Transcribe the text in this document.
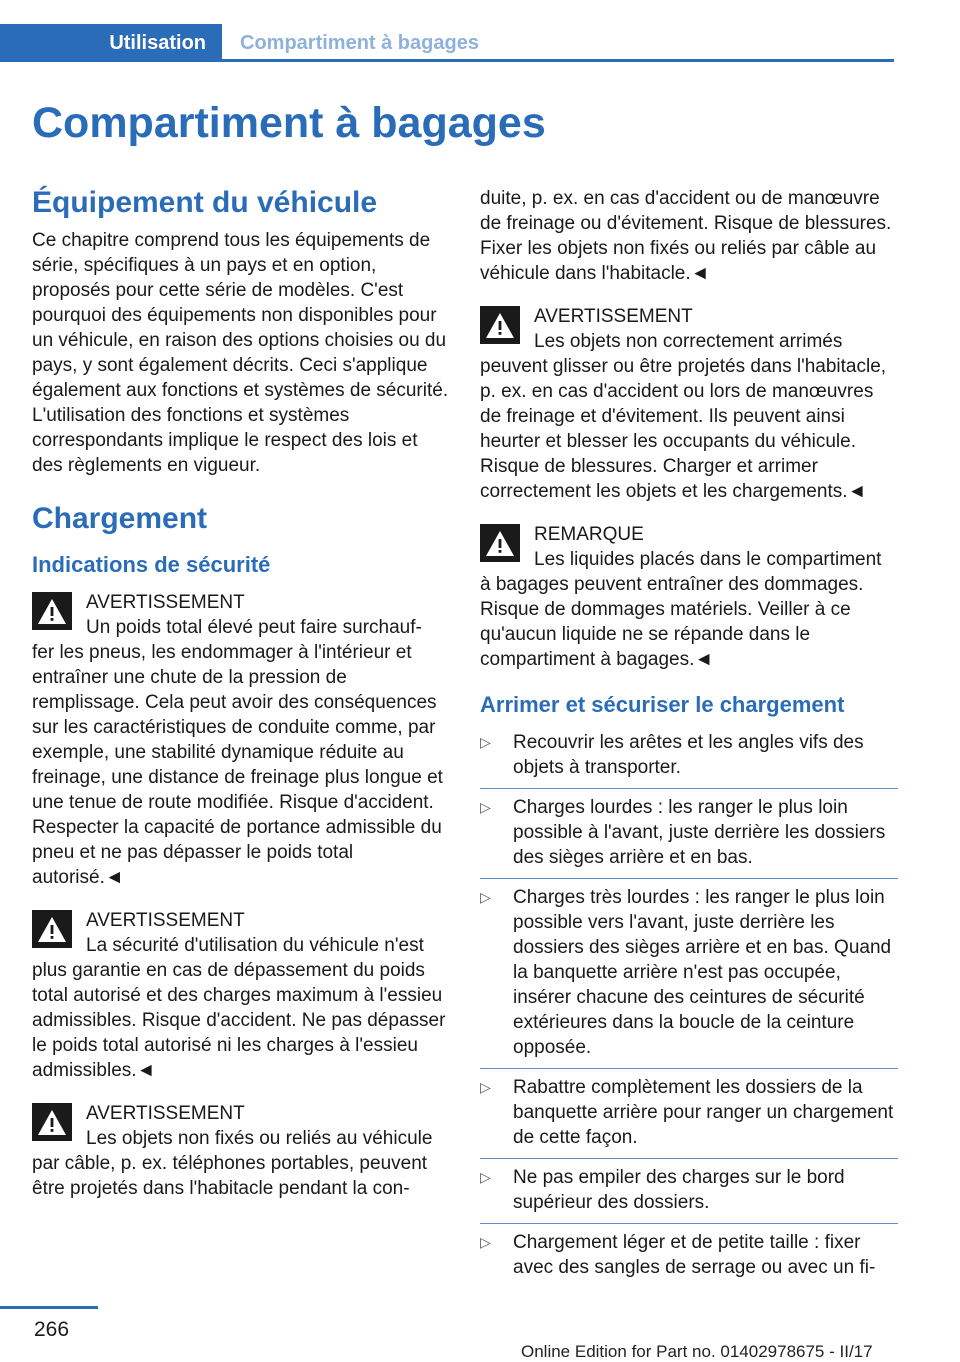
Utilisation	Compartiment à bagages
Compartiment à bagages
Équipement du véhicule

Ce chapitre comprend tous les équipements de série, spécifiques à un pays et en option, proposés pour cette série de modèles. C'est pourquoi des équipements non disponibles pour un véhicule, en raison des options choisies ou du pays, y sont également décrits. Ceci s'applique également aux fonctions et systèmes de sécurité. L'utilisation des fonctions et systèmes correspondants implique le respect des lois et des règlements en vigueur.

Chargement
Indications de sécurité
AVERTISSEMENT
Un poids total élevé peut faire surchauf-

fer les pneus, les endommager à l'intérieur et entraîner une chute de la pression de remplissage. Cela peut avoir des conséquences sur les caractéristiques de conduite comme, par exemple, une stabilité dynamique réduite au freinage, une distance de freinage plus longue et une tenue de route modifiée. Risque d'accident. Respecter la capacité de portance admissible du pneu et ne pas dépasser le poids total autorisé.◄

AVERTISSEMENT
La sécurité d'utilisation du véhicule n'est

plus garantie en cas de dépassement du poids total autorisé et des charges maximum à l'essieu admissibles. Risque d'accident. Ne pas dépasser le poids total autorisé ni les charges à l'essieu admissibles.◄

AVERTISSEMENT
Les objets non fixés ou reliés au véhicule

par câble, p. ex. téléphones portables, peuvent être projetés dans l'habitacle pendant la con-

duite, p. ex. en cas d'accident ou de manœuvre de freinage ou d'évitement. Risque de blessures. Fixer les objets non fixés ou reliés par câble au véhicule dans l'habitacle.◄

AVERTISSEMENT
Les objets non correctement arrimés

peuvent glisser ou être projetés dans l'habitacle, p. ex. en cas d'accident ou lors de manœuvres de freinage et d'évitement. Ils peuvent ainsi heurter et blesser les occupants du véhicule. Risque de blessures. Charger et arrimer correctement les objets et les chargements.◄

REMARQUE
Les liquides placés dans le compartiment

à bagages peuvent entraîner des dommages. Risque de dommages matériels. Veiller à ce qu'aucun liquide ne se répande dans le compartiment à bagages.◄

Arrimer et sécuriser le chargement
▷ Recouvrir les arêtes et les angles vifs des objets à transporter.
▷ Charges lourdes : les ranger le plus loin possible à l'avant, juste derrière les dossiers des sièges arrière et en bas.
▷ Charges très lourdes : les ranger le plus loin possible vers l'avant, juste derrière les dossiers des sièges arrière et en bas. Quand la banquette arrière n'est pas occupée, insérer chacune des ceintures de sécurité extérieures dans la boucle de la ceinture opposée.
▷ Rabattre complètement les dossiers de la banquette arrière pour ranger un chargement de cette façon.
▷ Ne pas empiler des charges sur le bord supérieur des dossiers.
▷ Chargement léger et de petite taille : fixer avec des sangles de serrage ou avec un fi-
266
Online Edition for Part no. 01402978675 - II/17
